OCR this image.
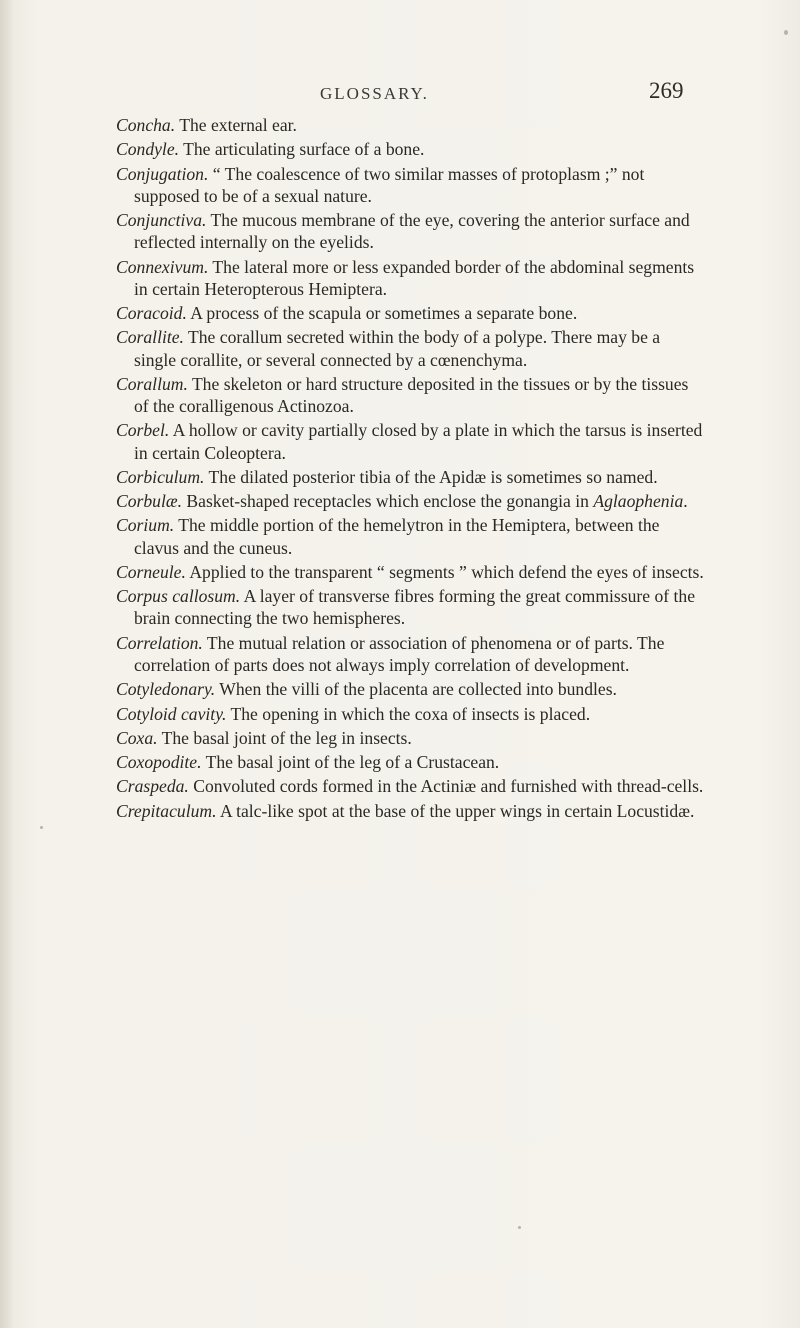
GLOSSARY.	269

Concha. The external ear.

Condyle. The articulating surface of a bone.

Conjugation. “ The coalescence of two similar masses of protoplasm ;” not supposed to be of a sexual nature.

Conjunctiva. The mucous membrane of the eye, covering the anterior surface and reflected internally on the eyelids.

Connexivum. The lateral more or less expanded border of the abdominal segments in certain Heteropterous Hemiptera.

Coracoid. A process of the scapula or sometimes a separate bone.

Corallite. The corallum secreted within the body of a polype. There may be a single corallite, or several connected by a cœnenchyma.

Corallum. The skeleton or hard structure deposited in the tissues or by the tissues of the coralligenous Actinozoa.

Corbel. A hollow or cavity partially closed by a plate in which the tarsus is inserted in certain Coleoptera.

Corbiculum. The dilated posterior tibia of the Apidæ is sometimes so named.

Corbulæ. Basket-shaped receptacles which enclose the gonangia in Aglaophenia.

Corium. The middle portion of the hemelytron in the Hemiptera, between the clavus and the cuneus.

Corneule. Applied to the transparent “ segments ” which defend the eyes of insects.

Corpus callosum. A layer of transverse fibres forming the great commissure of the brain connecting the two hemispheres.

Correlation. The mutual relation or association of phenomena or of parts. The correlation of parts does not always imply correlation of development.

Cotyledonary. When the villi of the placenta are collected into bundles.

Cotyloid cavity. The opening in which the coxa of insects is placed.

Coxa. The basal joint of the leg in insects.

Coxopodite. The basal joint of the leg of a Crustacean.

Craspeda. Convoluted cords formed in the Actiniæ and furnished with thread-cells.

Crepitaculum. A talc-like spot at the base of the upper wings in certain Locustidæ.
